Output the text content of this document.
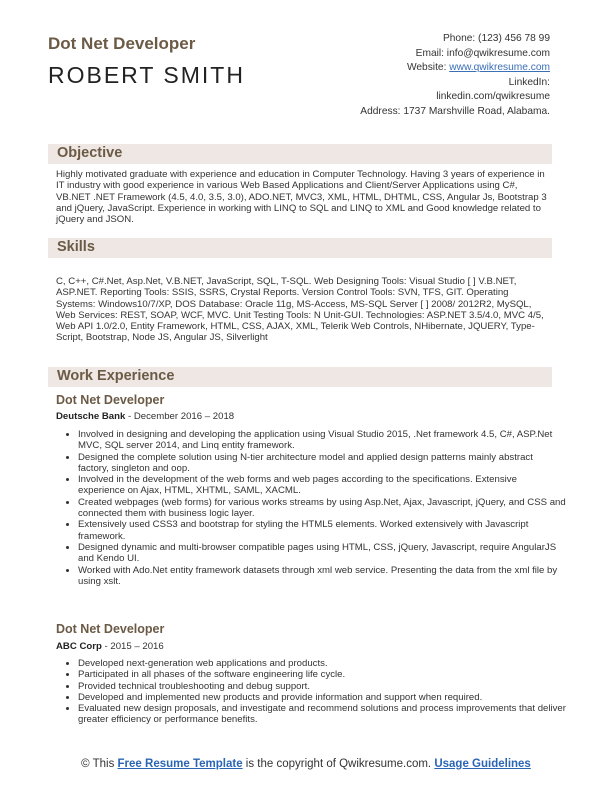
Dot Net Developer
ROBERT SMITH
Phone: (123) 456 78 99
Email: info@qwikresume.com
Website: www.qwikresume.com
LinkedIn:
linkedin.com/qwikresume
Address: 1737 Marshville Road, Alabama.
Objective
Highly motivated graduate with experience and education in Computer Technology. Having 3 years of experience in IT industry with good experience in various Web Based Applications and Client/Server Applications using C#, VB.NET .NET Framework (4.5, 4.0, 3.5, 3.0), ADO.NET, MVC3, XML, HTML, DHTML, CSS, Angular Js, Bootstrap 3 and jQuery, JavaScript. Experience in working with LINQ to SQL and LINQ to XML and Good knowledge related to jQuery and JSON.
Skills
C, C++, C#.Net, Asp.Net, V.B.NET, JavaScript, SQL, T-SQL. Web Designing Tools: Visual Studio [ ] V.B.NET, ASP.NET. Reporting Tools: SSIS, SSRS, Crystal Reports. Version Control Tools: SVN, TFS, GIT. Operating Systems: Windows10/7/XP, DOS Database: Oracle 11g, MS-Access, MS-SQL Server [ ] 2008/ 2012R2, MySQL, Web Services: REST, SOAP, WCF, MVC. Unit Testing Tools: N Unit-GUI. Technologies: ASP.NET 3.5/4.0, MVC 4/5, Web API 1.0/2.0, Entity Framework, HTML, CSS, AJAX, XML, Telerik Web Controls, NHibernate, JQUERY, Type-Script, Bootstrap, Node JS, Angular JS, Silverlight
Work Experience
Dot Net Developer
Deutsche Bank - December 2016 – 2018
• Involved in designing and developing the application using Visual Studio 2015, .Net framework 4.5, C#, ASP.Net MVC, SQL server 2014, and Linq entity framework.
• Designed the complete solution using N-tier architecture model and applied design patterns mainly abstract factory, singleton and oop.
• Involved in the development of the web forms and web pages according to the specifications. Extensive experience on Ajax, HTML, XHTML, SAML, XACML.
• Created webpages (web forms) for various works streams by using Asp.Net, Ajax, Javascript, jQuery, and CSS and connected them with business logic layer.
• Extensively used CSS3 and bootstrap for styling the HTML5 elements. Worked extensively with Javascript framework.
• Designed dynamic and multi-browser compatible pages using HTML, CSS, jQuery, Javascript, require AngularJS and Kendo UI.
• Worked with Ado.Net entity framework datasets through xml web service. Presenting the data from the xml file by using xslt.
Dot Net Developer
ABC Corp - 2015 – 2016
• Developed next-generation web applications and products.
• Participated in all phases of the software engineering life cycle.
• Provided technical troubleshooting and debug support.
• Developed and implemented new products and provide information and support when required.
• Evaluated new design proposals, and investigate and recommend solutions and process improvements that deliver greater efficiency or performance benefits.
© This Free Resume Template is the copyright of Qwikresume.com. Usage Guidelines
